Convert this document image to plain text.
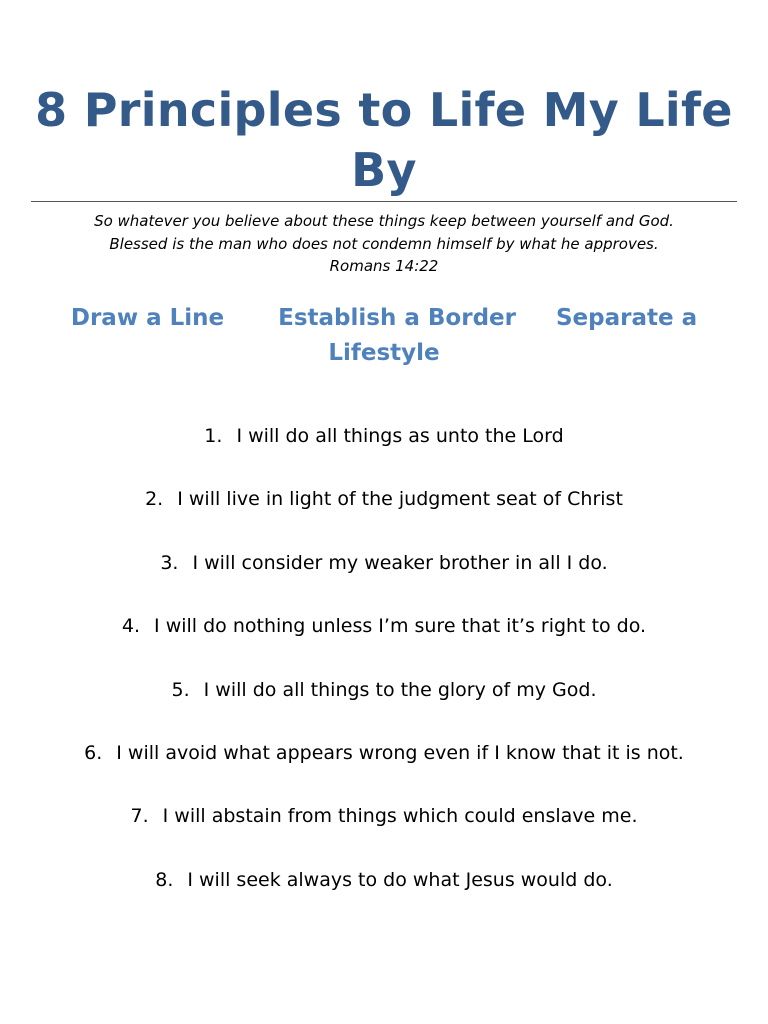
8 Principles to Life My Life By
So whatever you believe about these things keep between yourself and God.
Blessed is the man who does not condemn himself by what he approves.
Romans 14:22
Draw a Line Establish a Border Separate a Lifestyle
1. I will do all things as unto the Lord
2. I will live in light of the judgment seat of Christ
3. I will consider my weaker brother in all I do.
4. I will do nothing unless I’m sure that it’s right to do.
5. I will do all things to the glory of my God.
6. I will avoid what appears wrong even if I know that it is not.
7. I will abstain from things which could enslave me.
8. I will seek always to do what Jesus would do.
